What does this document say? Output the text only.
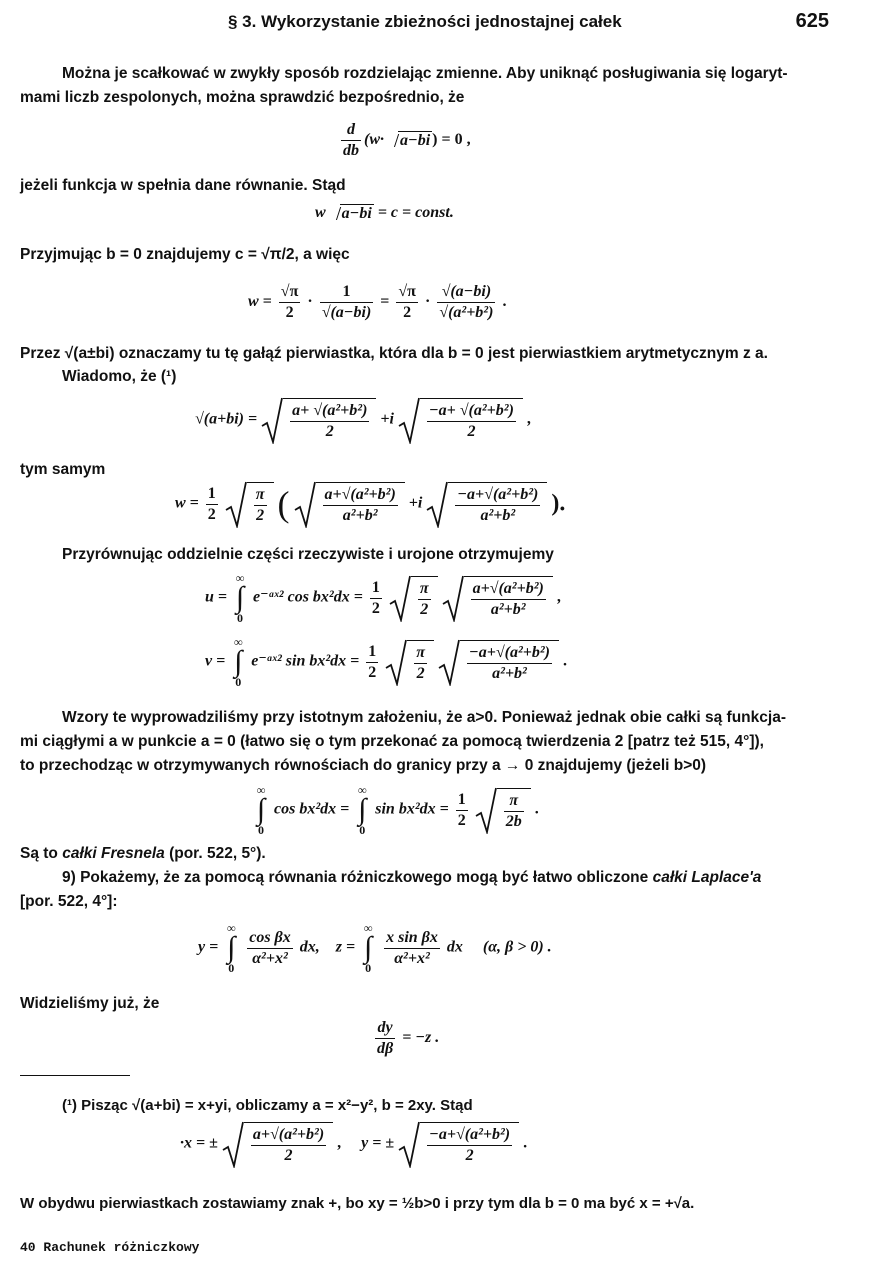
§ 3. Wykorzystanie zbieżności jednostajnej całek	625
Można je scałkować w zwykły sposób rozdzielając zmienne. Aby uniknąć posługiwania się logaryt-
mami liczb zespolonych, można sprawdzić bezpośrednio, że
$\frac{d}{db} (w\cdot a-bi$ ) = 0 ,
jeżeli funkcja w spełnia dane równanie. Stąd
w a−bi = c = const.
Przyjmując b = 0 znajdujemy c = √π/2, a więc
$w = \frac{√\pi}{2} \cdot \frac{1}{√(a-bi)} = \frac{√\pi}{2} \cdot \frac{√(a-bi)}{\text{√(a²+b²)}}$ .
Przez √(a±bi) oznaczamy tu tę gałąź pierwiastka, która dla b = 0 jest pierwiastkiem arytmetycznym z a.
Wiadomo, że (¹)
$√(a+bi) = \frac{\text{a+ √(a²+b²)}}{2} +i \frac{\text{−a+ √(a²+b²)}}{2}$ ,
tym samym
$w = \frac{1}{2}$
$\frac{\pi}{2}$ ( $\frac{\text{a+√(a²+b²)}}{\text{a²+b²}} +i \frac{\text{−a+√(a²+b²)}}{\text{a²+b²}}$ ).
Przyrównując oddzielnie części rzeczywiste i urojone otrzymujemy
u = ∞
∫
0 e⁻ᵃˣ² $\cos bx^2dx = \frac{1}{2}$
$\frac{\pi}{2}$
	$\frac{\text{a+√(a²+b²)}}{\text{a²+b²}}$ ,
v = ∞
∫
0 e⁻ᵃˣ² $\sin bx^2dx = \frac{1}{2}$
$\frac{\pi}{2}$
	$\frac{\text{−a+√(a²+b²)}}{\text{a²+b²}}$ .
Wzory te wyprowadziliśmy przy istotnym założeniu, że a>0. Ponieważ jednak obie całki są funkcja-
mi ciągłymi a w punkcie a = 0 (łatwo się o tym przekonać za pomocą twierdzenia 2 [patrz też 515, 4°]),
to przechodząc w otrzymywanych równościach do granicy przy a → 0 znajdujemy (jeżeli b>0)
∞
∫
0 cos bx²dx = ∞
∫
0 $\sin bx^2dx = \frac{1}{2}$
$\frac{\pi}{2b}$ .
Są to całki Fresnela (por. 522, 5°).
9) Pokażemy, że za pomocą równania różniczkowego mogą być łatwo obliczone całki Laplace'a
[por. 522, 4°]:
y = ∞
∫
$0 \frac{\text{cos βx}}{\text{α²+x²}}$ dx, z = ∞
∫
$0 \frac{\text{x sin βx}}{\text{α²+x²}}$ dx (α, β > 0) .
Widzieliśmy już, że
$\frac{dy}{d\beta} = -z$ .
(¹) Pisząc √(a+bi) = x+yi, obliczamy a = x²−y², b = 2xy. Stąd
·x = ± $\frac{\text{a+√(a²+b²)}}{2}$ , y = ± $\frac{\text{−a+√(a²+b²)}}{2}$ .
W obydwu pierwiastkach zostawiamy znak +, bo xy = ½b>0 i przy tym dla b = 0 ma być x = +√a.
40 Rachunek różniczkowy
